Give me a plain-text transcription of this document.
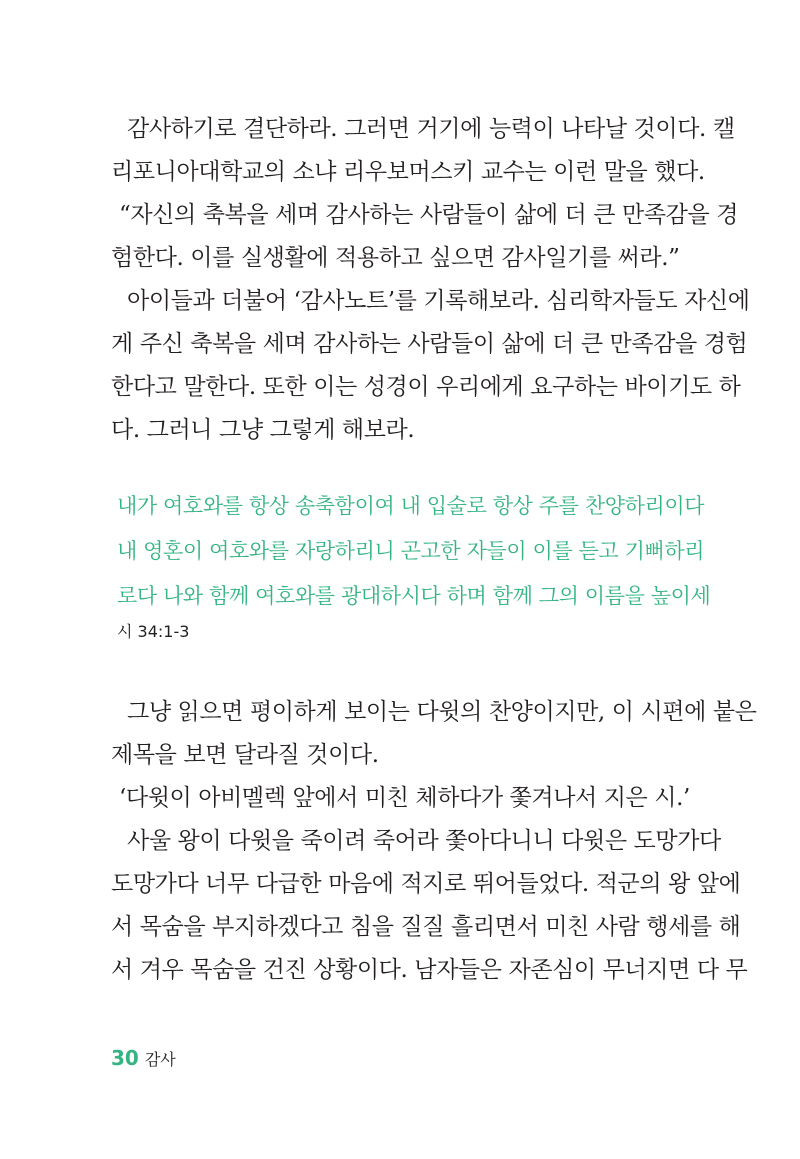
감사하기로 결단하라. 그러면 거기에 능력이 나타날 것이다. 캘
리포니아대학교의 소냐 리우보머스키 교수는 이런 말을 했다.
“자신의 축복을 세며 감사하는 사람들이 삶에 더 큰 만족감을 경
험한다. 이를 실생활에 적용하고 싶으면 감사일기를 써라.”
아이들과 더불어 ‘감사노트’를 기록해보라. 심리학자들도 자신에
게 주신 축복을 세며 감사하는 사람들이 삶에 더 큰 만족감을 경험
한다고 말한다. 또한 이는 성경이 우리에게 요구하는 바이기도 하
다. 그러니 그냥 그렇게 해보라.
내가 여호와를 항상 송축함이여 내 입술로 항상 주를 찬양하리이다
내 영혼이 여호와를 자랑하리니 곤고한 자들이 이를 듣고 기뻐하리
로다 나와 함께 여호와를 광대하시다 하며 함께 그의 이름을 높이세
시 34:1-3
그냥 읽으면 평이하게 보이는 다윗의 찬양이지만, 이 시편에 붙은
제목을 보면 달라질 것이다.
‘다윗이 아비멜렉 앞에서 미친 체하다가 쫓겨나서 지은 시.’
사울 왕이 다윗을 죽이려 죽어라 쫓아다니니 다윗은 도망가다
도망가다 너무 다급한 마음에 적지로 뛰어들었다. 적군의 왕 앞에
서 목숨을 부지하겠다고 침을 질질 흘리면서 미친 사람 행세를 해
서 겨우 목숨을 건진 상황이다. 남자들은 자존심이 무너지면 다 무
30 감사
